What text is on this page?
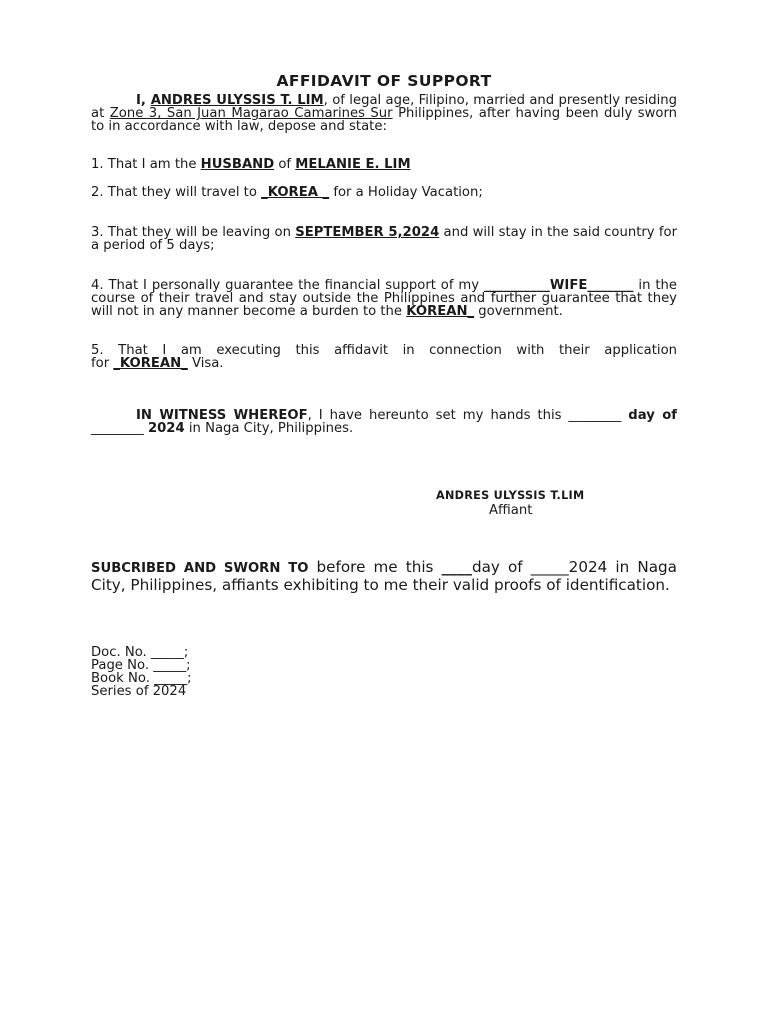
AFFIDAVIT OF SUPPORT

I, ANDRES ULYSSIS T. LIM, of legal age, Filipino, married and presently residing at Zone 3, San Juan Magarao Camarines Sur Philippines, after having been duly sworn to in accordance with law, depose and state:

1. That I am the HUSBAND of MELANIE E. LIM

2. That they will travel to _KOREA _ for a Holiday Vacation;

3. That they will be leaving on SEPTEMBER 5,2024 and will stay in the said country for a period of 5 days;

4. That I personally guarantee the financial support of my __________WIFE_______ in the course of their travel and stay outside the Philippines and further guarantee that they will not in any manner become a burden to the KOREAN_ government.

5. That I am executing this affidavit in connection with their application
for _KOREAN_ Visa.

IN WITNESS WHEREOF, I have hereunto set my hands this ________ day of ________ 2024 in Naga City, Philippines.

ANDRES ULYSSIS T.LIM
Affiant

SUBCRIBED AND SWORN TO before me this ____day of _____2024 in Naga City, Philippines, affiants exhibiting to me their valid proofs of identification.

Doc. No. _____;
Page No. _____;
Book No. _____;
Series of 2024
